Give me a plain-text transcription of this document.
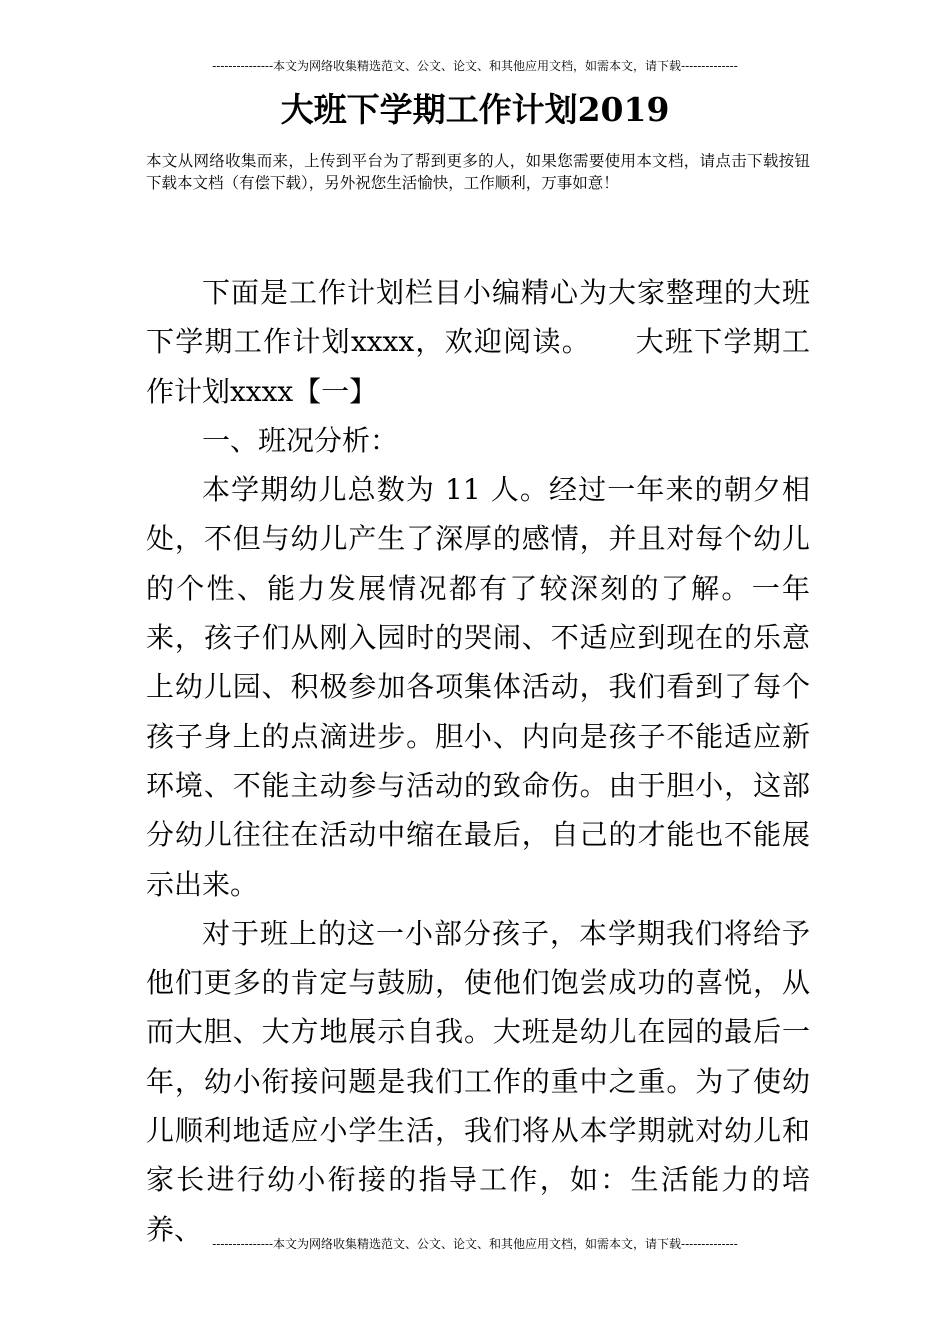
---------------本文为网络收集精选范文、公文、论文、和其他应用文档，如需本文，请下载--------------
大班下学期工作计划2019
本文从网络收集而来，上传到平台为了帮到更多的人，如果您需要使用本文档，请点击下载按钮下载本文档（有偿下载），另外祝您生活愉快，工作顺利，万事如意！

下面是工作计划栏目小编精心为大家整理的大班下学期工作计划xxxx，欢迎阅读。　　大班下学期工作计划xxxx【一】

一、班况分析：

本学期幼儿总数为 11 人。经过一年来的朝夕相处，不但与幼儿产生了深厚的感情，并且对每个幼儿的个性、能力发展情况都有了较深刻的了解。一年来，孩子们从刚入园时的哭闹、不适应到现在的乐意上幼儿园、积极参加各项集体活动，我们看到了每个孩子身上的点滴进步。胆小、内向是孩子不能适应新环境、不能主动参与活动的致命伤。由于胆小，这部分幼儿往往在活动中缩在最后，自己的才能也不能展示出来。

对于班上的这一小部分孩子，本学期我们将给予他们更多的肯定与鼓励，使他们饱尝成功的喜悦，从而大胆、大方地展示自我。大班是幼儿在园的最后一年，幼小衔接问题是我们工作的重中之重。为了使幼儿顺利地适应小学生活，我们将从本学期就对幼儿和家长进行幼小衔接的指导工作，如：生活能力的培养、 ---------------本文为网络收集精选范文、公文、论文、和其他应用文档，如需本文，请下载--------------
